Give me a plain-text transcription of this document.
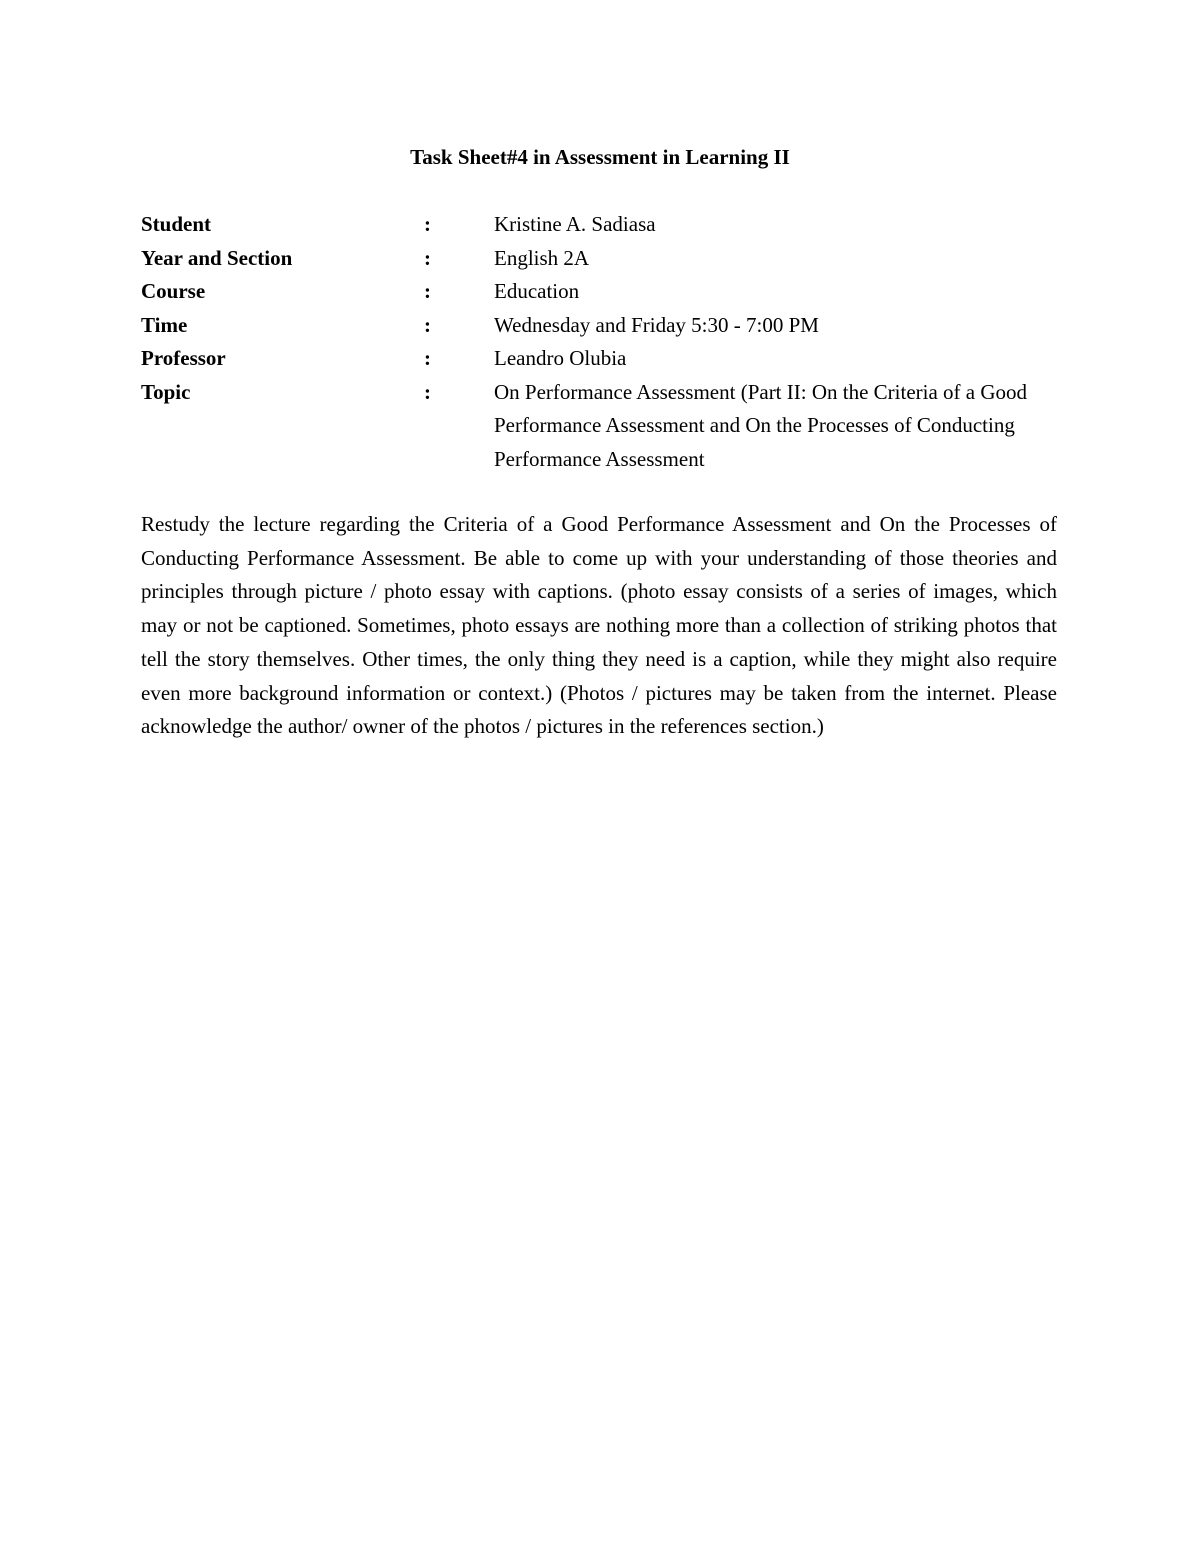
Task Sheet#4 in Assessment in Learning II
Student	:	Kristine A. Sadiasa
Year and Section	:	English 2A
Course	:	Education
Time	:	Wednesday and Friday 5:30 - 7:00 PM
Professor	:	Leandro Olubia
Topic	:	On Performance Assessment (Part II: On the Criteria of a Good Performance Assessment and On the Processes of Conducting Performance Assessment

Restudy the lecture regarding the Criteria of a Good Performance Assessment and On the Processes of Conducting Performance Assessment. Be able to come up with your understanding of those theories and principles through picture / photo essay with captions. (photo essay consists of a series of images, which may or not be captioned. Sometimes, photo essays are nothing more than a collection of striking photos that tell the story themselves. Other times, the only thing they need is a caption, while they might also require even more background information or context.) (Photos / pictures may be taken from the internet. Please acknowledge the author/ owner of the photos / pictures in the references section.)
